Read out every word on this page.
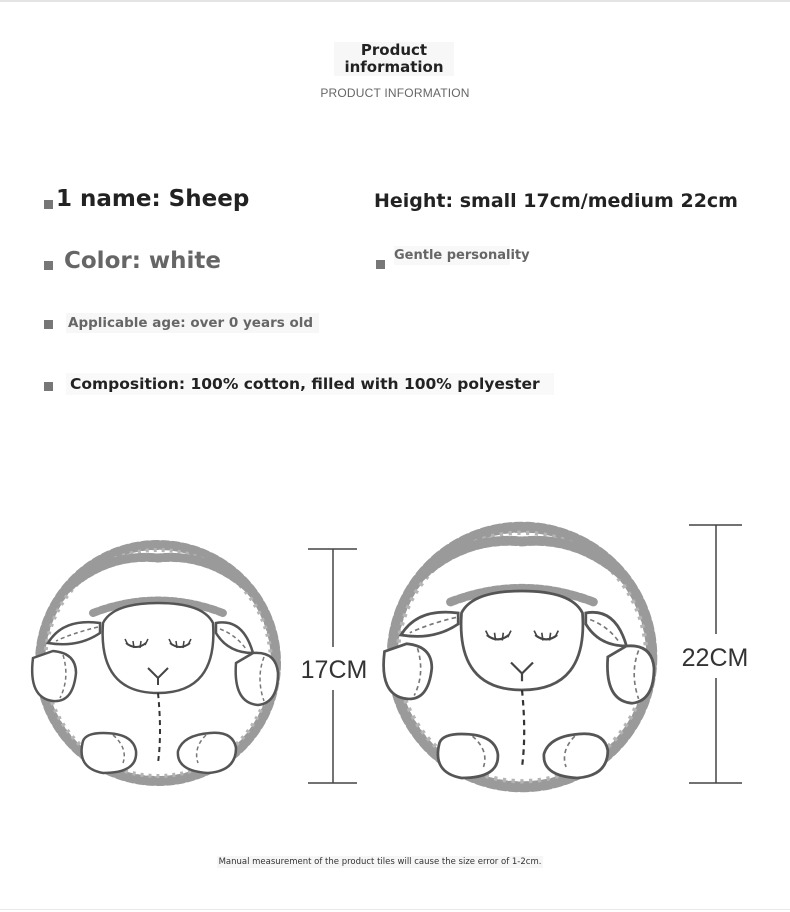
Product information
PRODUCT INFORMATION
1 name: Sheep	Height: small 17cm/medium 22cm
Color: white	Gentle personality
Applicable age: over 0 years old
Composition: 100% cotton, filled with 100% polyester
17CM	22CM
Manual measurement of the product tiles will cause the size error of 1-2cm.
